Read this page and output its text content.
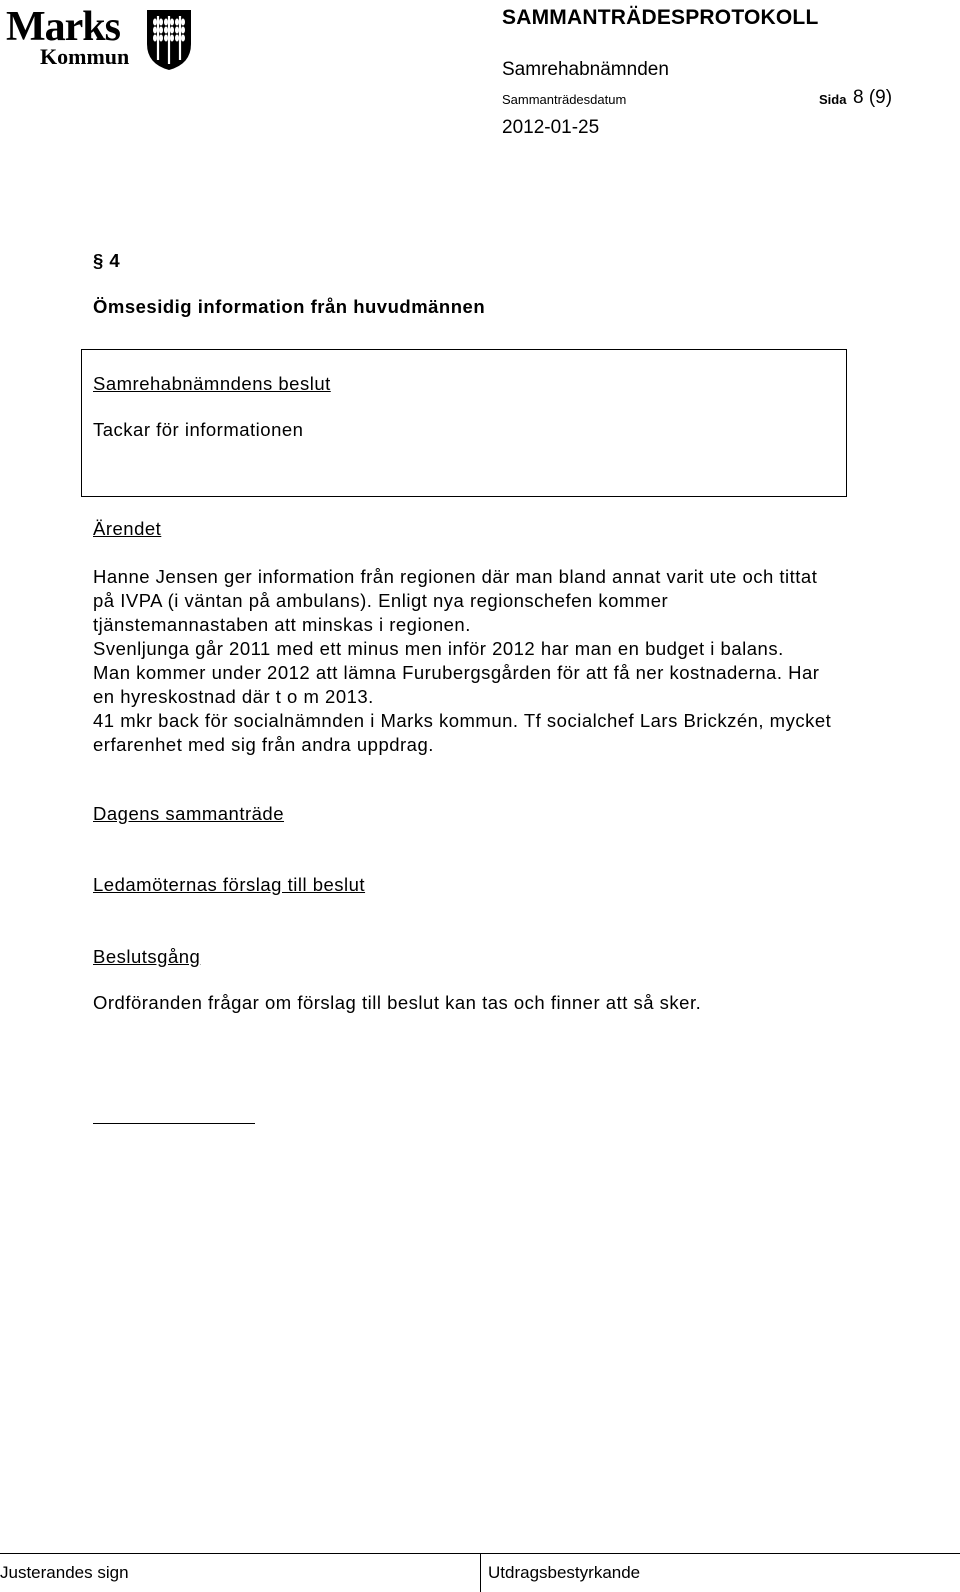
Marks
Kommun
SAMMANTRÄDESPROTOKOLL
Samrehabnämnden
Sammanträdesdatum	Sida 8 (9)
2012-01-25
§ 4
Ömsesidig information från huvudmännen
Samrehabnämndens beslut
Tackar för informationen
Ärendet
Hanne Jensen ger information från regionen där man bland annat varit ute och tittat
på IVPA (i väntan på ambulans). Enligt nya regionschefen kommer
tjänstemannastaben att minskas i regionen.
Svenljunga går 2011 med ett minus men inför 2012 har man en budget i balans.
Man kommer under 2012 att lämna Furubergsgården för att få ner kostnaderna. Har
en hyreskostnad där t o m 2013.
41 mkr back för socialnämnden i Marks kommun. Tf socialchef Lars Brickzén, mycket
erfarenhet med sig från andra uppdrag.
Dagens sammanträde
Ledamöternas förslag till beslut
Beslutsgång
Ordföranden frågar om förslag till beslut kan tas och finner att så sker.
Justerandes sign	Utdragsbestyrkande
